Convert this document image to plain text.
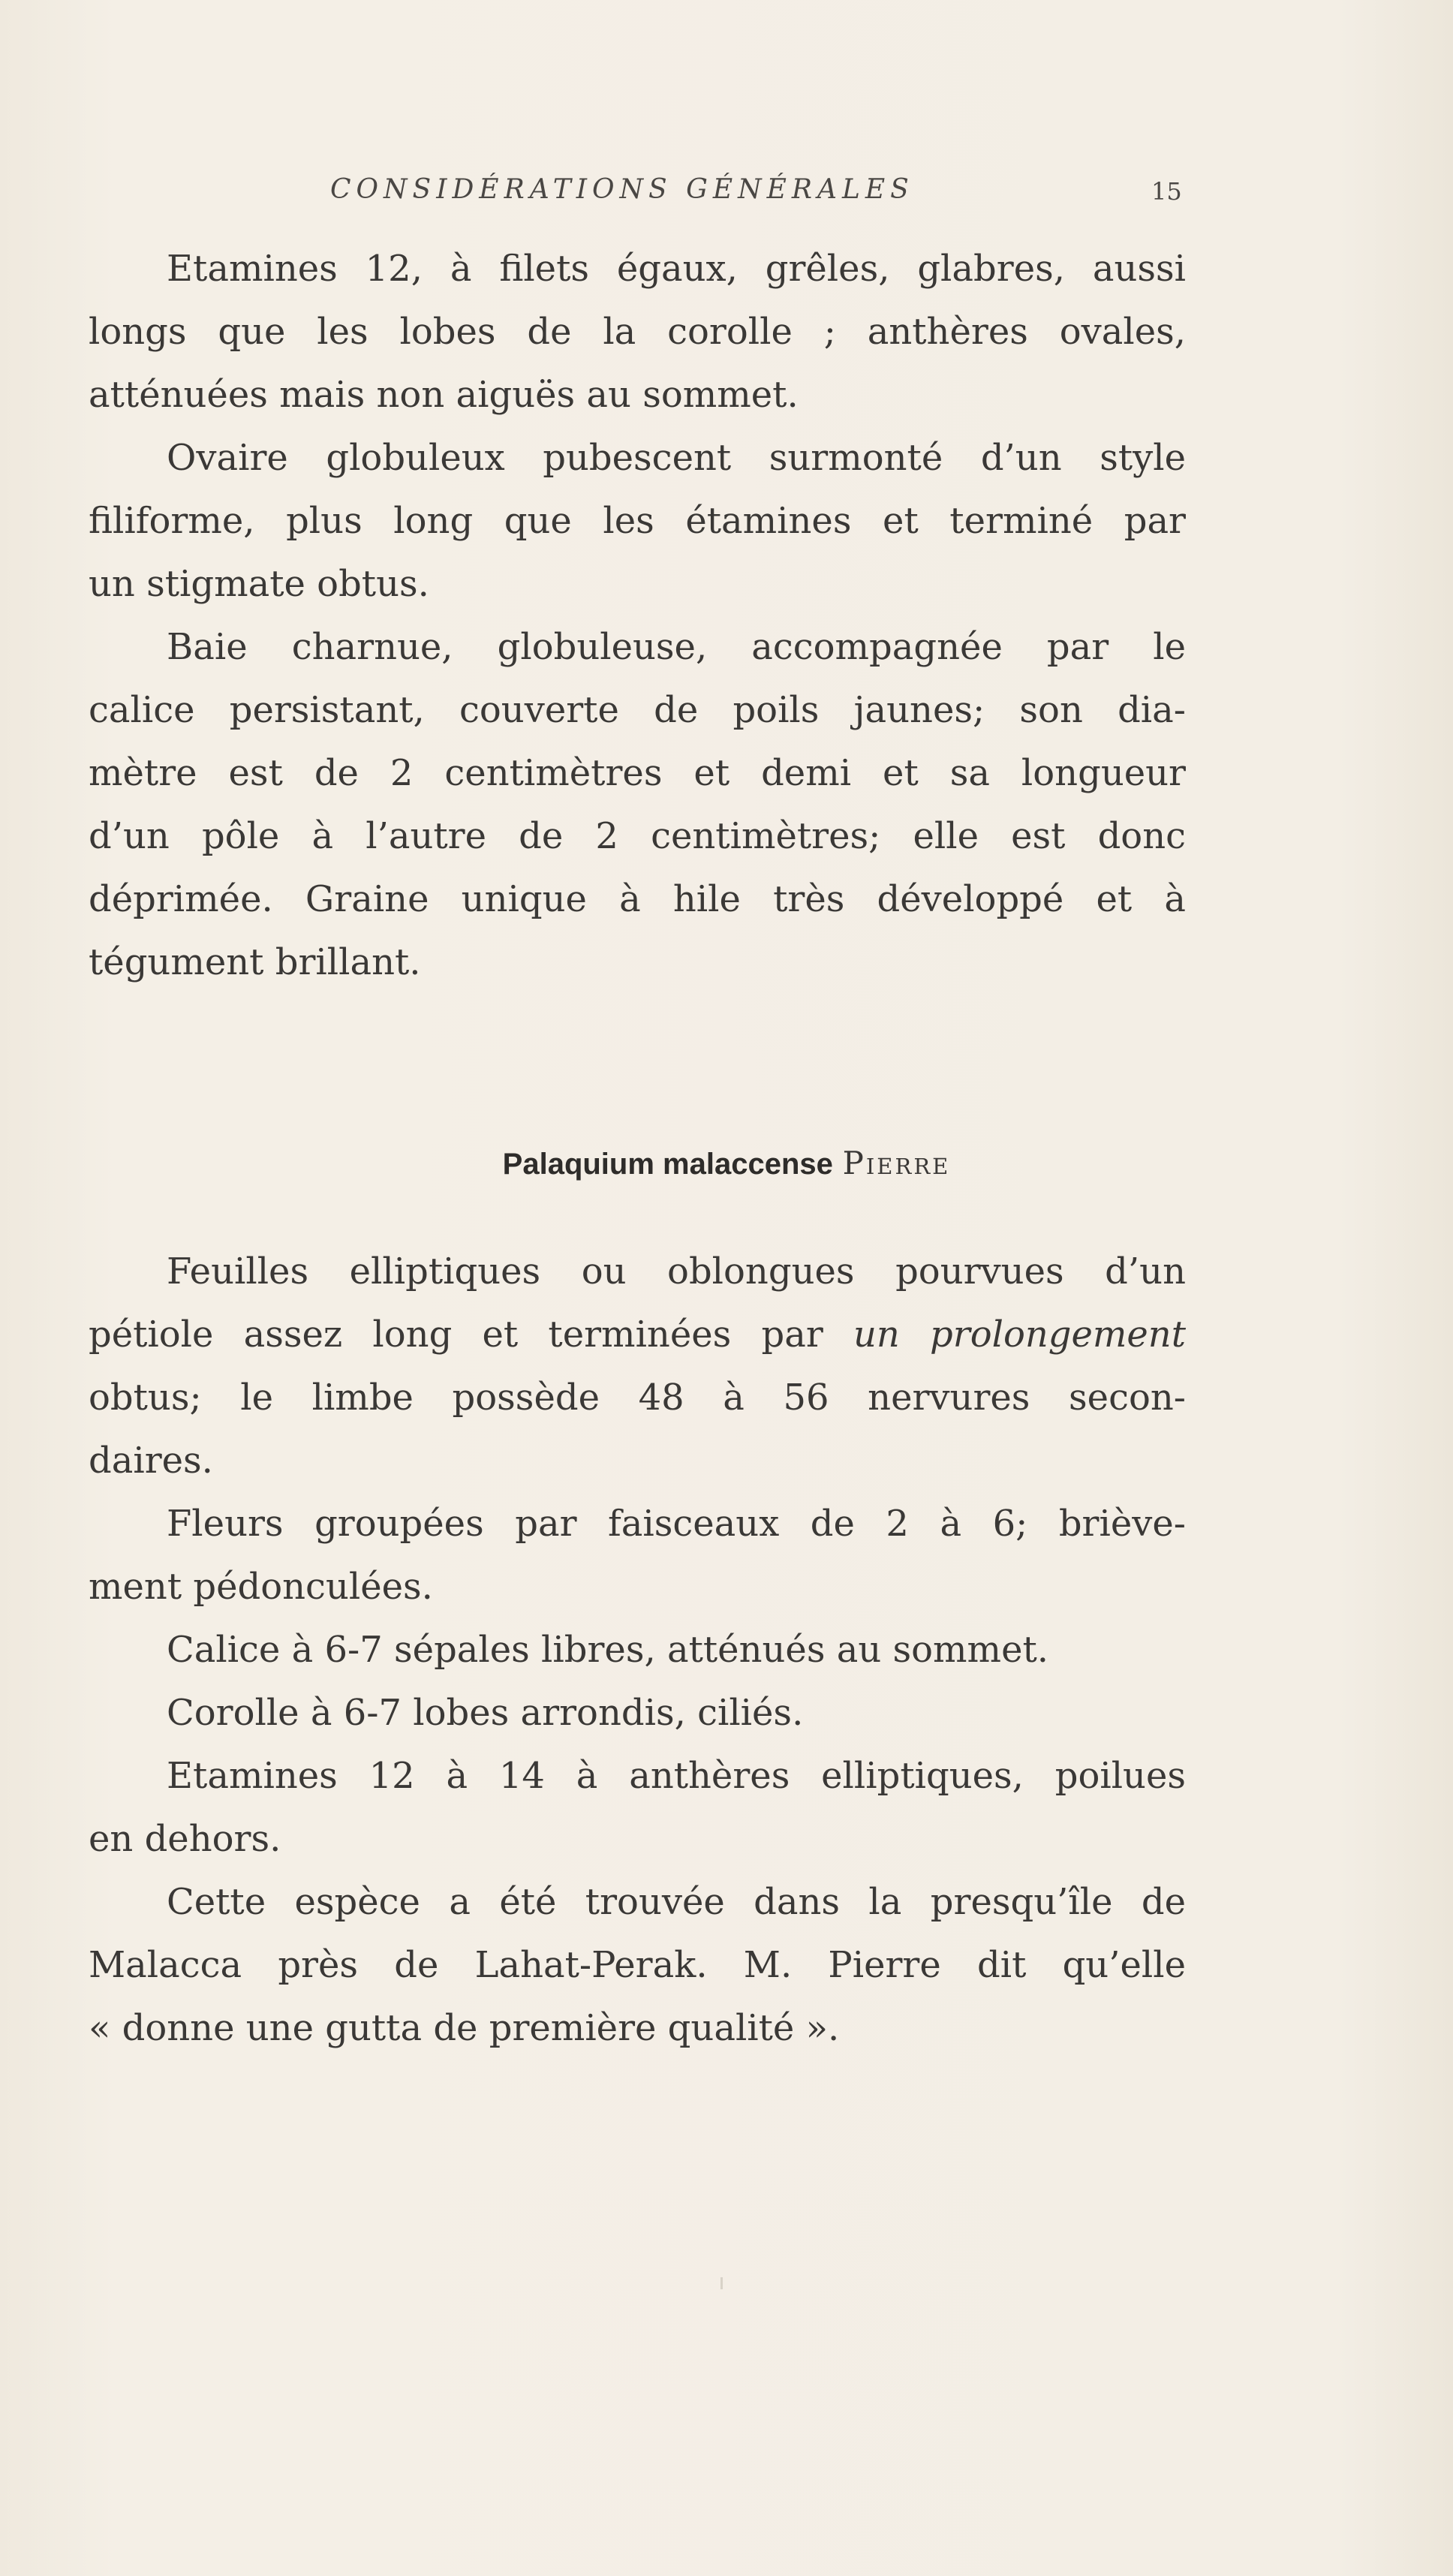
CONSIDÉRATIONS GÉNÉRALES	15
Etamines 12, à filets égaux, grêles, glabres, aussi
longs que les lobes de la corolle ; anthères ovales,
atténuées mais non aiguës au sommet.
Ovaire globuleux pubescent surmonté d’un style
filiforme, plus long que les étamines et terminé par
un stigmate obtus.
Baie charnue, globuleuse, accompagnée par le
calice persistant, couverte de poils jaunes; son dia-
mètre est de 2 centimètres et demi et sa longueur
d’un pôle à l’autre de 2 centimètres; elle est donc
déprimée. Graine unique à hile très développé et à
tégument brillant.
Palaquium malaccense Pierre
Feuilles elliptiques ou oblongues pourvues d’un
pétiole assez long et terminées par un prolongement
obtus; le limbe possède 48 à 56 nervures secon-
daires.
Fleurs groupées par faisceaux de 2 à 6; briève-
ment pédonculées.
Calice à 6-7 sépales libres, atténués au sommet.
Corolle à 6-7 lobes arrondis, ciliés.
Etamines 12 à 14 à anthères elliptiques, poilues
en dehors.
Cette espèce a été trouvée dans la presqu’île de
Malacca près de Lahat-Perak. M. Pierre dit qu’elle
« donne une gutta de première qualité ».
